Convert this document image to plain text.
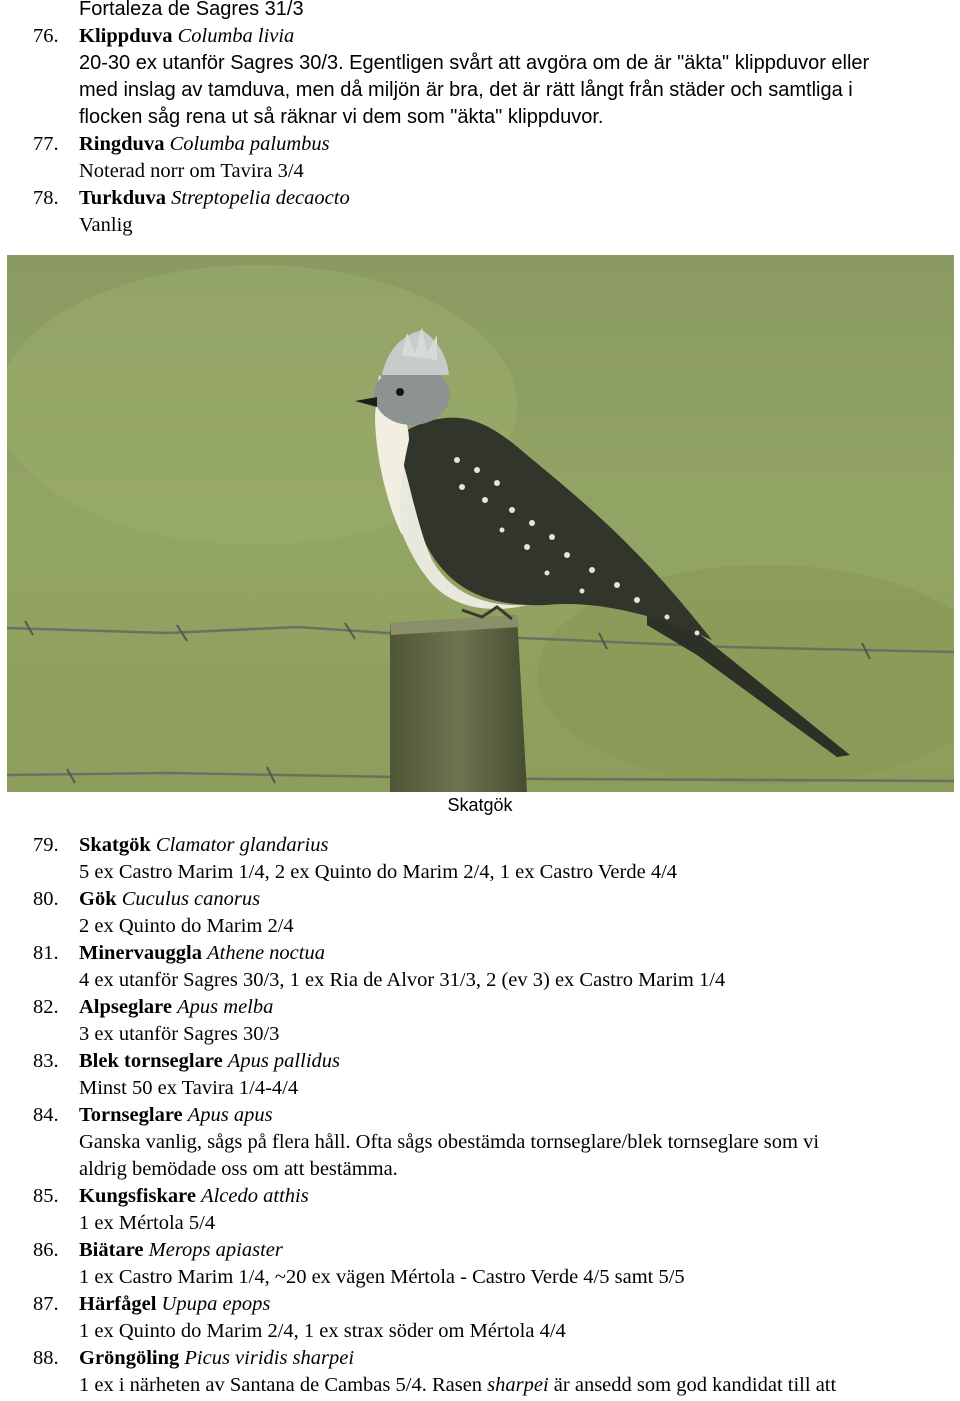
Fortaleza de Sagres 31/3
76. Klippduva Columba livia
20-30 ex utanför Sagres 30/3. Egentligen svårt att avgöra om de är "äkta" klippduvor eller
med inslag av tamduva, men då miljön är bra, det är rätt långt från städer och samtliga i
flocken såg rena ut så räknar vi dem som "äkta" klippduvor.
77. Ringduva Columba palumbus
Noterad norr om Tavira 3/4
78. Turkduva Streptopelia decaocto
Vanlig
Skatgök
79. Skatgök Clamator glandarius
5 ex Castro Marim 1/4, 2 ex Quinto do Marim 2/4, 1 ex Castro Verde 4/4
80. Gök Cuculus canorus
2 ex Quinto do Marim 2/4
81. Minervauggla Athene noctua
4 ex utanför Sagres 30/3, 1 ex Ria de Alvor 31/3, 2 (ev 3) ex Castro Marim 1/4
82. Alpseglare Apus melba
3 ex utanför Sagres 30/3
83. Blek tornseglare Apus pallidus
Minst 50 ex Tavira 1/4-4/4
84. Tornseglare Apus apus
Ganska vanlig, sågs på flera håll. Ofta sågs obestämda tornseglare/blek tornseglare som vi
aldrig bemödade oss om att bestämma.
85. Kungsfiskare Alcedo atthis
1 ex Mértola 5/4
86. Biätare Merops apiaster
1 ex Castro Marim 1/4, ~20 ex vägen Mértola - Castro Verde 4/5 samt 5/5
87. Härfågel Upupa epops
1 ex Quinto do Marim 2/4, 1 ex strax söder om Mértola 4/4
88. Gröngöling Picus viridis sharpei
1 ex i närheten av Santana de Cambas 5/4. Rasen sharpei är ansedd som god kandidat till att
